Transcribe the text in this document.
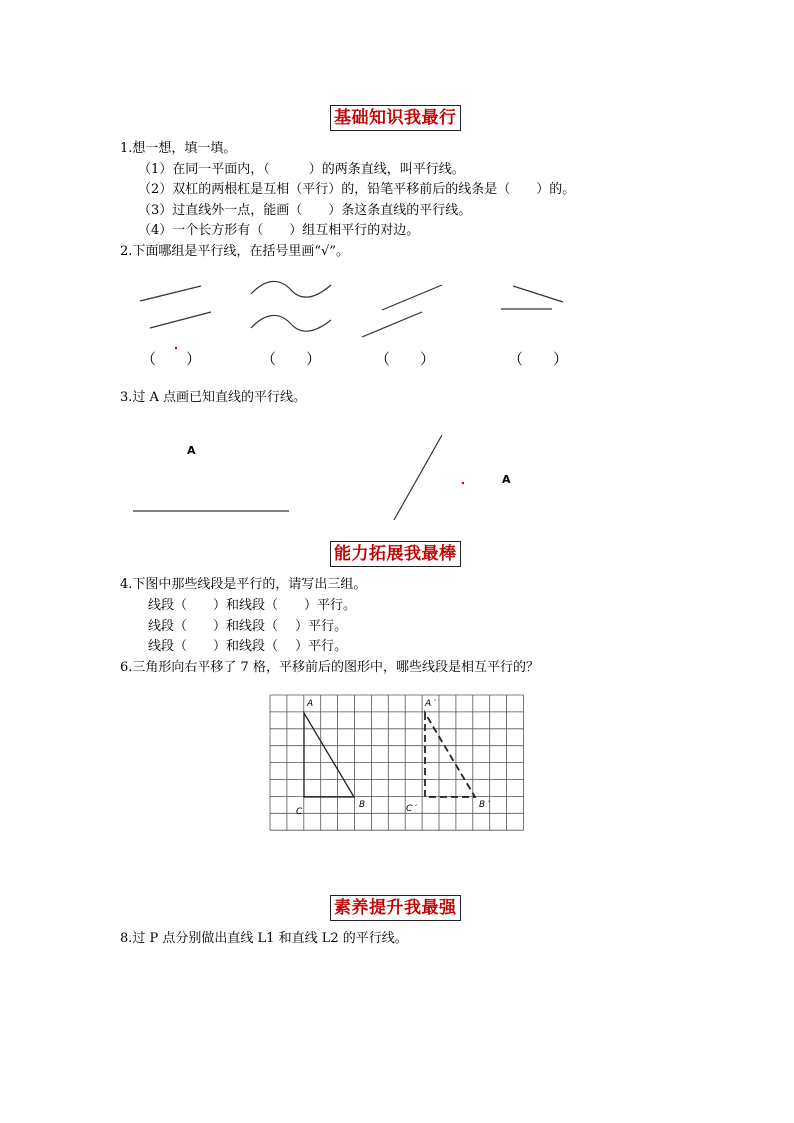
基础知识我最行
1.想一想，填一填。
（1）在同一平面内，（　　　）的两条直线，叫平行线。
（2）双杠的两根杠是互相（平行）的，铅笔平移前后的线条是（　　）的。
（3）过直线外一点，能画（　　）条这条直线的平行线。
（4）一个长方形有（　　）组互相平行的对边。
2.下面哪组是平行线，在括号里画“√”。
（　　）	（　　）	（　　）	（　　）
3.过 A 点画已知直线的平行线。
A
A
能力拓展我最棒
4.下图中那些线段是平行的，请写出三组。
线段（　　）和线段（　　）平行。
线段（　　）和线段（　 ）平行。
线段（　　）和线段（　 ）平行。
6.三角形向右平移了 7 格，平移前后的图形中，哪些线段是相互平行的？
A
B
C
A ′
B ′
C ′
素养提升我最强
8.过 P 点分别做出直线 L1 和直线 L2 的平行线。
